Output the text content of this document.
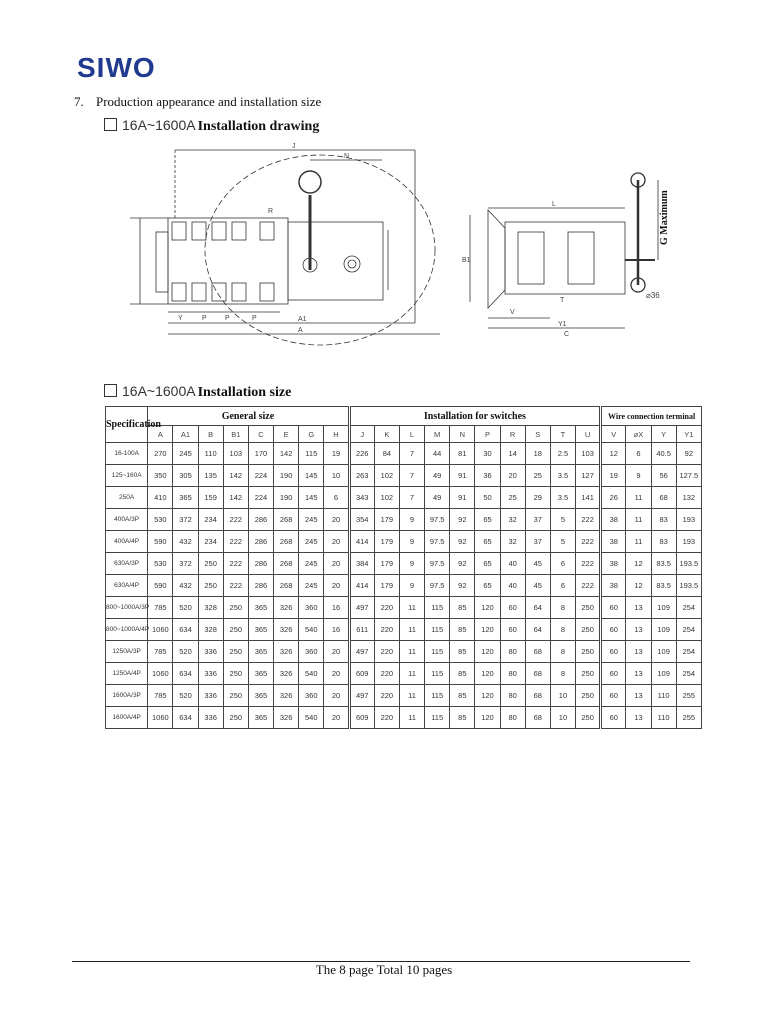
SIWO
7. Production appearance and installation size
16A~1600A Installation drawing
J
N
R
A1
A
Y	P	P	P
L
B1
V
T
Y1
C
⌀36
G Maximum
16A~1600A Installation size
Specification	General size								Installation for switches										Wire connection terminal			
	A	A1	B	B1	C	E	G	H	J	K	L	M	N	P	R	S	T	U	V	⌀X	Y	Y1
16-100A	270	245	110	103	170	142	115	19	226	84	7	44	81	30	14	18	2.5	103	12	6	40.5	92
125~160A	350	305	135	142	224	190	145	10	263	102	7	49	91	36	20	25	3.5	127	19	9	56	127.5
250A	410	365	159	142	224	190	145	6	343	102	7	49	91	50	25	29	3.5	141	26	11	68	132
400A/3P	530	372	234	222	286	268	245	20	354	179	9	97.5	92	65	32	37	5	222	38	11	83	193
400A/4P	590	432	234	222	286	268	245	20	414	179	9	97.5	92	65	32	37	5	222	38	11	83	193
630A/3P	530	372	250	222	286	268	245	20	384	179	9	97.5	92	65	40	45	6	222	38	12	83.5	193.5
630A/4P	590	432	250	222	286	268	245	20	414	179	9	97.5	92	65	40	45	6	222	38	12	83.5	193.5
800~1000A/3P	785	520	328	250	365	326	360	16	497	220	11	115	85	120	60	64	8	250	60	13	109	254
800~1000A/4P	1060	634	328	250	365	326	540	16	611	220	11	115	85	120	60	64	8	250	60	13	109	254
1250A/3P	785	520	336	250	365	326	360	20	497	220	11	115	85	120	80	68	8	250	60	13	109	254
1250A/4P	1060	634	336	250	365	326	540	20	609	220	11	115	85	120	80	68	8	250	60	13	109	254
1600A/3P	785	520	336	250	365	326	360	20	497	220	11	115	85	120	80	68	10	250	60	13	110	255
1600A/4P	1060	634	336	250	365	326	540	20	609	220	11	115	85	120	80	68	10	250	60	13	110	255
The 8 page Total 10 pages
